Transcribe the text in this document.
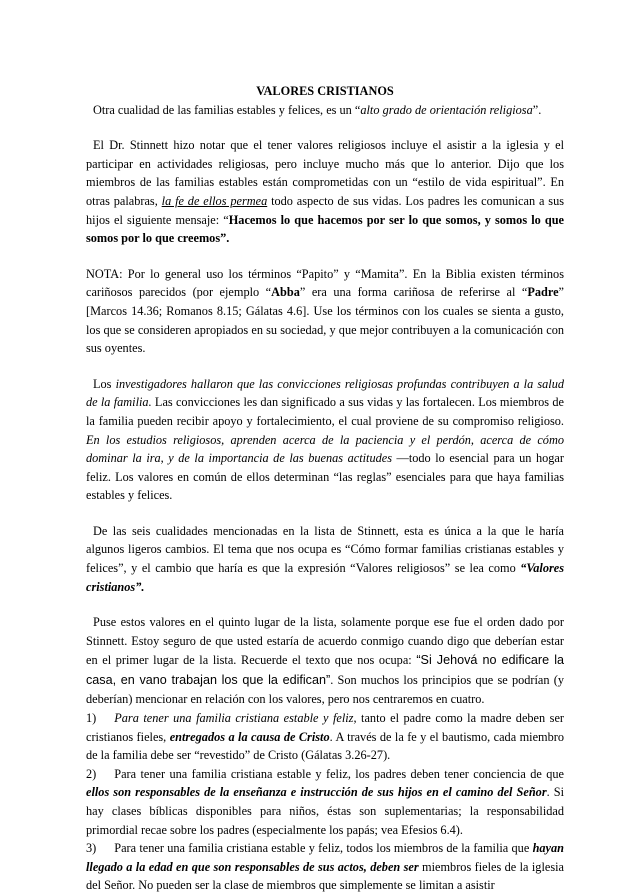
VALORES CRISTIANOS

Otra cualidad de las familias estables y felices, es un “alto grado de orientación religiosa”.

El Dr. Stinnett hizo notar que el tener valores religiosos incluye el asistir a la iglesia y el participar en actividades religiosas, pero incluye mucho más que lo anterior. Dijo que los miembros de las familias estables están comprometidas con un “estilo de vida espiritual”. En otras palabras, la fe de ellos permea todo aspecto de sus vidas. Los padres les comunican a sus hijos el siguiente mensaje: “Hacemos lo que hacemos por ser lo que somos, y somos lo que somos por lo que creemos”.

NOTA: Por lo general uso los términos “Papito” y “Mamita”. En la Biblia existen términos cariñosos parecidos (por ejemplo “Abba” era una forma cariñosa de referirse al “Padre” [Marcos 14.36; Romanos 8.15; Gálatas 4.6]. Use los términos con los cuales se sienta a gusto, los que se consideren apropiados en su sociedad, y que mejor contribuyen a la comunicación con sus oyentes.

Los investigadores hallaron que las convicciones religiosas profundas contribuyen a la salud de la familia. Las convicciones les dan significado a sus vidas y las fortalecen. Los miembros de la familia pueden recibir apoyo y fortalecimiento, el cual proviene de su compromiso religioso. En los estudios religiosos, aprenden acerca de la paciencia y el perdón, acerca de cómo dominar la ira, y de la importancia de las buenas actitudes —todo lo esencial para un hogar feliz. Los valores en común de ellos determinan “las reglas” esenciales para que haya familias estables y felices.

De las seis cualidades mencionadas en la lista de Stinnett, esta es única a la que le haría algunos ligeros cambios. El tema que nos ocupa es “Cómo formar familias cristianas estables y felices”, y el cambio que haría es que la expresión “Valores religiosos” se lea como “Valores cristianos”.

Puse estos valores en el quinto lugar de la lista, solamente porque ese fue el orden dado por Stinnett. Estoy seguro de que usted estaría de acuerdo conmigo cuando digo que deberían estar en el primer lugar de la lista. Recuerde el texto que nos ocupa: “Si Jehová no edificare la casa, en vano trabajan los que la edifican”. Son muchos los principios que se podrían (y deberían) mencionar en relación con los valores, pero nos centraremos en cuatro.

1) Para tener una familia cristiana estable y feliz, tanto el padre como la madre deben ser cristianos fieles, entregados a la causa de Cristo. A través de la fe y el bautismo, cada miembro de la familia debe ser “revestido” de Cristo (Gálatas 3.26-27).

2) Para tener una familia cristiana estable y feliz, los padres deben tener conciencia de que ellos son responsables de la enseñanza e instrucción de sus hijos en el camino del Señor. Si hay clases bíblicas disponibles para niños, éstas son suplementarias; la responsabilidad primordial recae sobre los padres (especialmente los papás; vea Efesios 6.4).

3) Para tener una familia cristiana estable y feliz, todos los miembros de la familia que hayan llegado a la edad en que son responsables de sus actos, deben ser miembros fieles de la iglesia del Señor. No pueden ser la clase de miembros que simplemente se limitan a asistir
